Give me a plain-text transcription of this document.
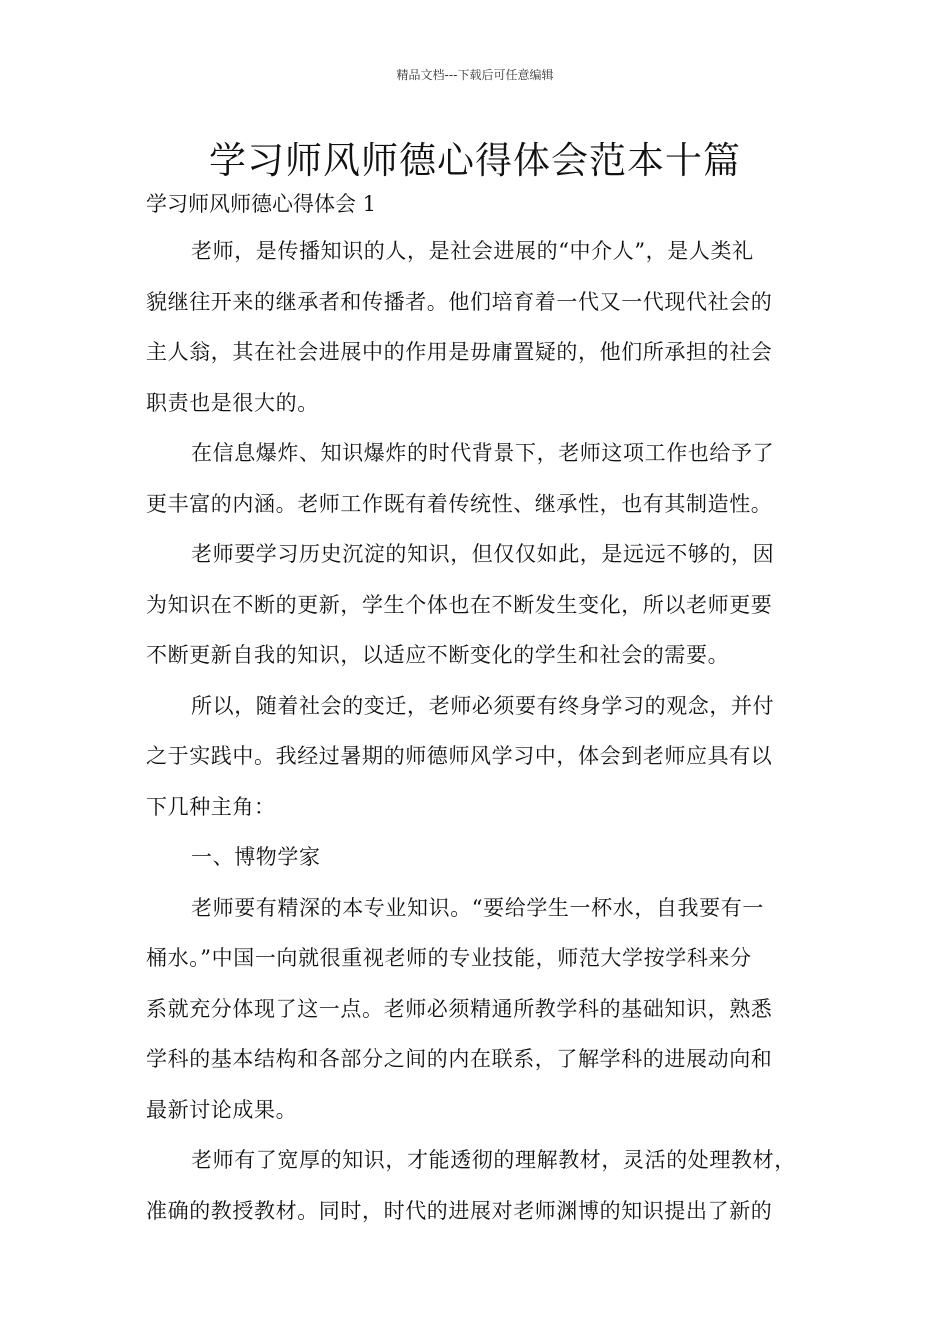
精品文档---下载后可任意编辑
学习师风师德心得体会范本十篇

学习师风师德心得体会 1

老师，是传播知识的人，是社会进展的“中介人”，是人类礼
貌继往开来的继承者和传播者。他们培育着一代又一代现代社会的
主人翁，其在社会进展中的作用是毋庸置疑的，他们所承担的社会
职责也是很大的。
在信息爆炸、知识爆炸的时代背景下，老师这项工作也给予了
更丰富的内涵。老师工作既有着传统性、继承性，也有其制造性。
老师要学习历史沉淀的知识，但仅仅如此，是远远不够的，因
为知识在不断的更新，学生个体也在不断发生变化，所以老师更要
不断更新自我的知识，以适应不断变化的学生和社会的需要。
所以，随着社会的变迁，老师必须要有终身学习的观念，并付
之于实践中。我经过暑期的师德师风学习中，体会到老师应具有以
下几种主角：
一、博物学家
老师要有精深的本专业知识。“要给学生一杯水，自我要有一
桶水。”中国一向就很重视老师的专业技能，师范大学按学科来分
系就充分体现了这一点。老师必须精通所教学科的基础知识，熟悉
学科的基本结构和各部分之间的内在联系，了解学科的进展动向和
最新讨论成果。
老师有了宽厚的知识，才能透彻的理解教材，灵活的处理教材，
准确的教授教材。同时，时代的进展对老师渊博的知识提出了新的
